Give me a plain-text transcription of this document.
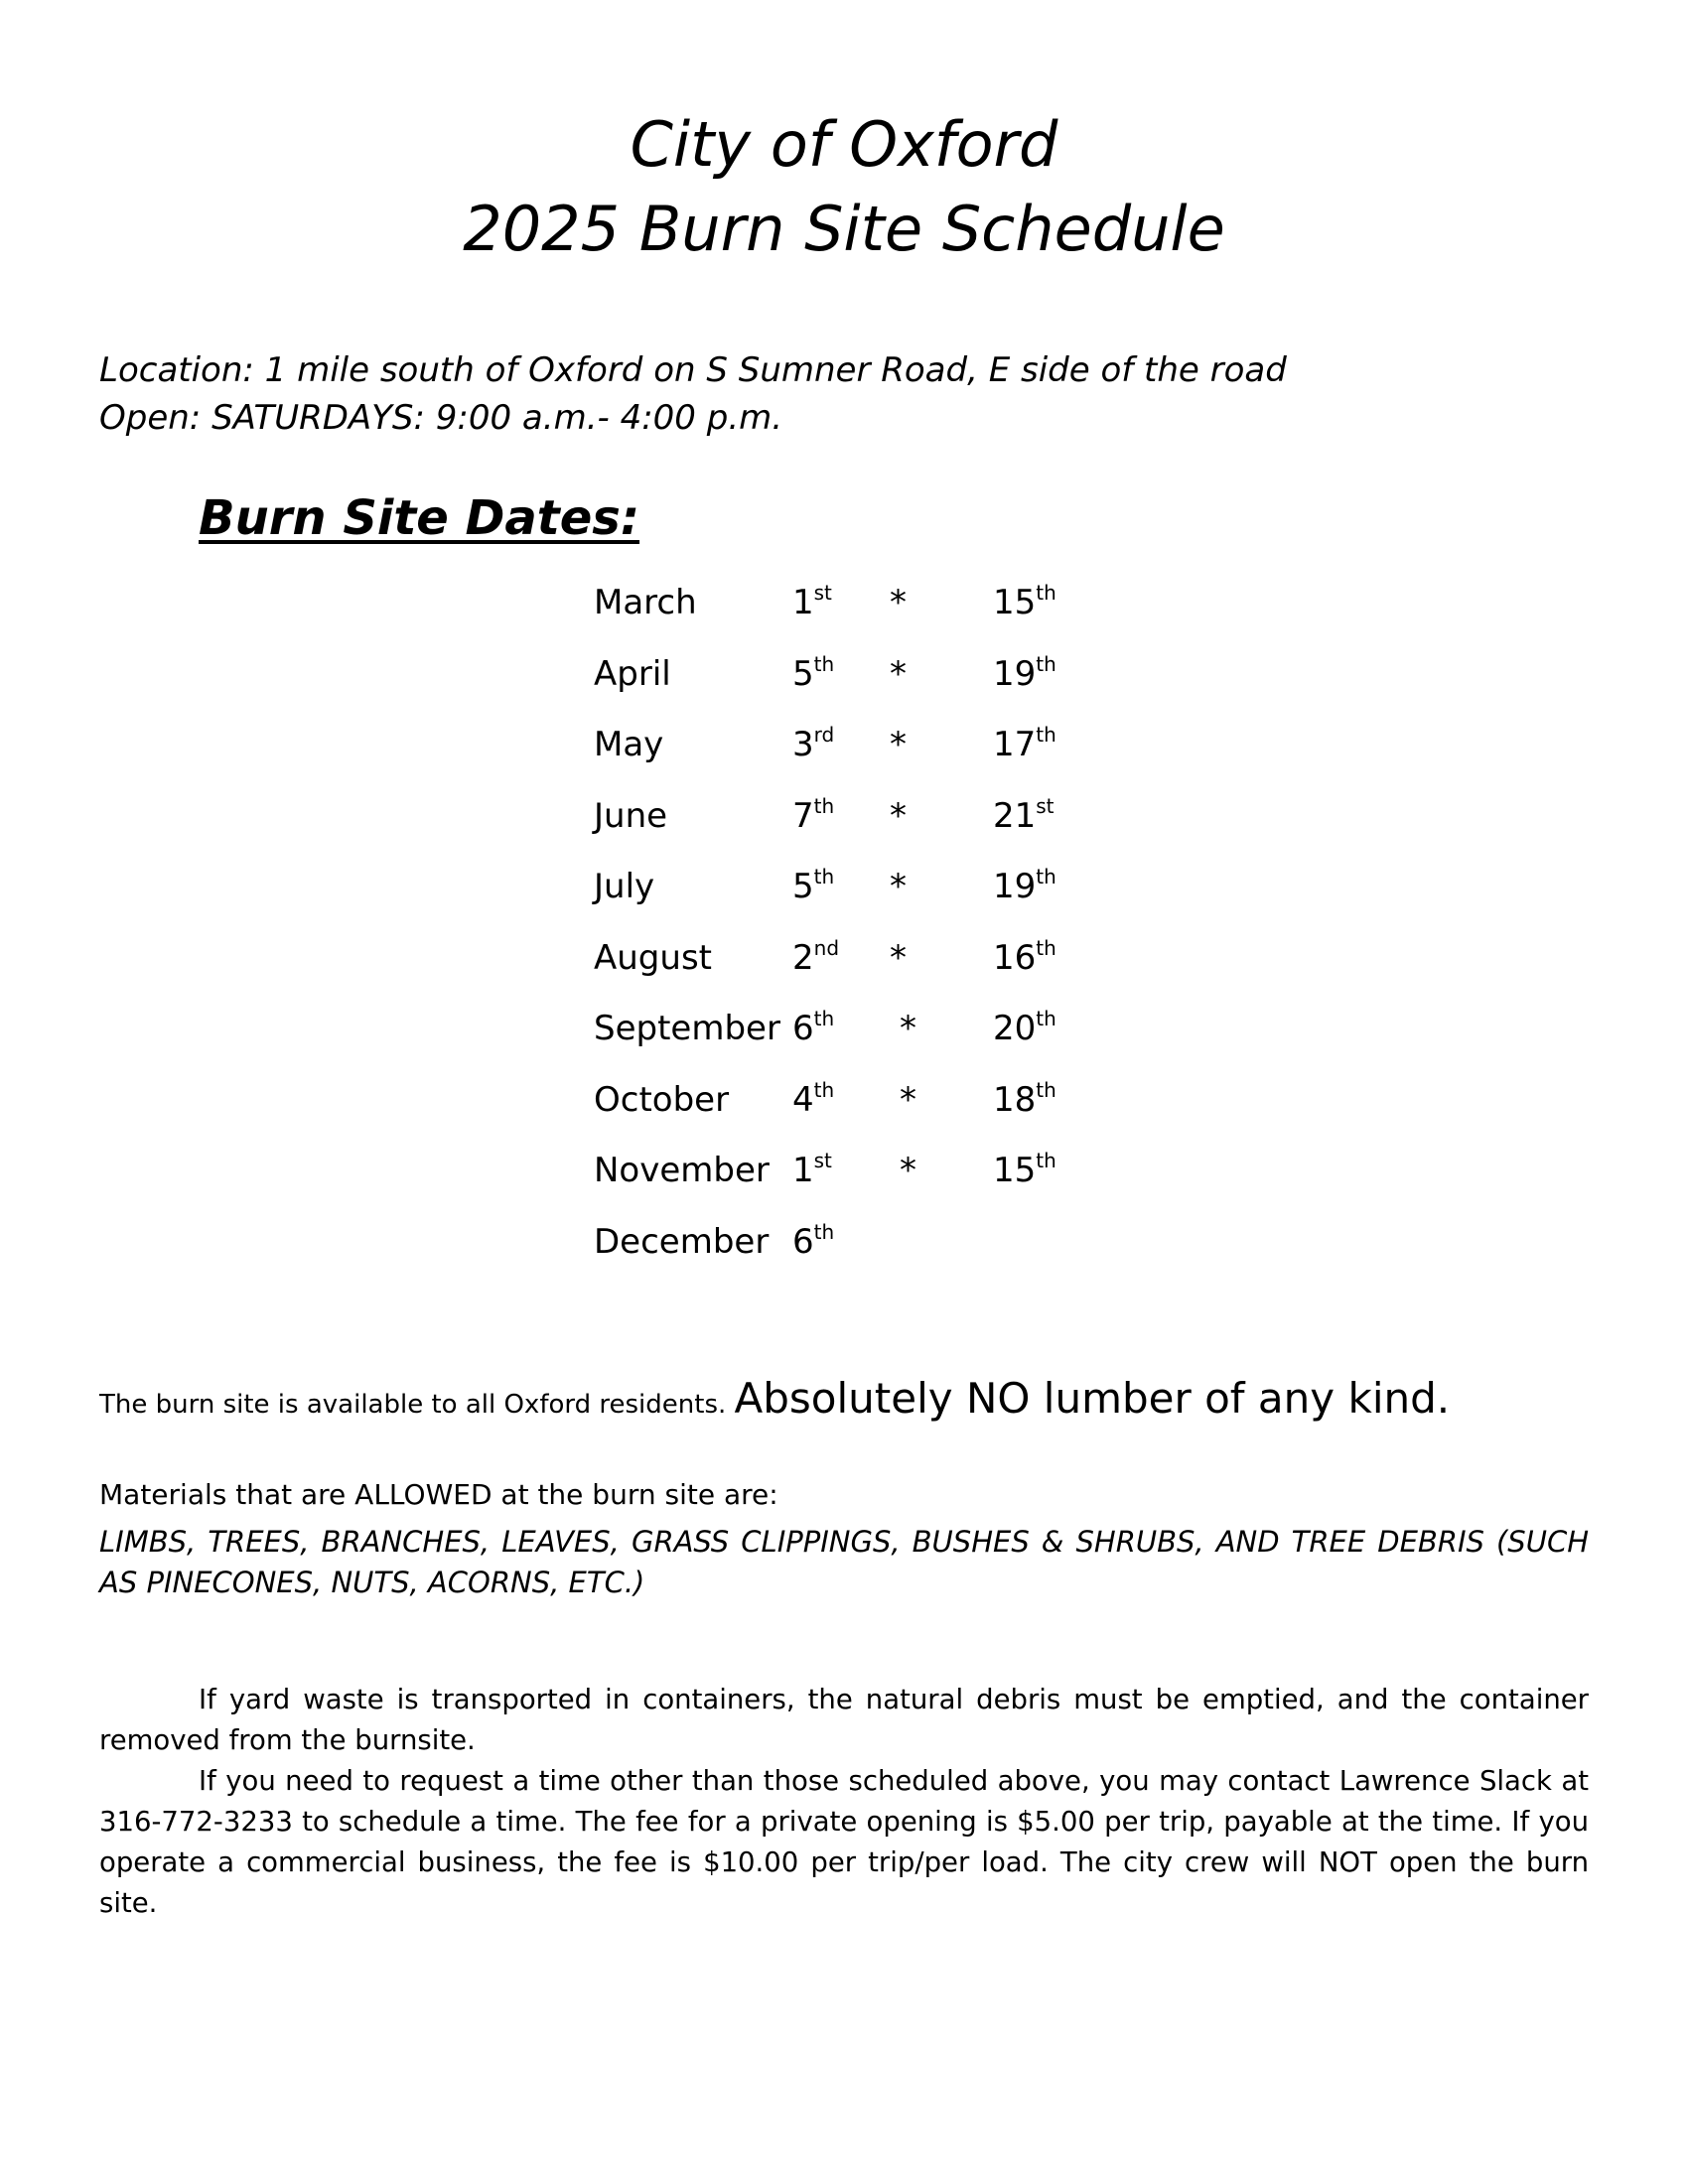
City of Oxford
2025 Burn Site Schedule
Location: 1 mile south of Oxford on S Sumner Road, E side of the road
Open: SATURDAYS: 9:00 a.m.- 4:00 p.m.
Burn Site Dates:
March	1st *	15th
April	5th *	19th
May	3rd *	17th
June	7th *	21st
July	5th *	19th
August 2nd *	16th
September 6th * 20th
October 4th * 18th
November 1st * 15th
December 6th
The burn site is available to all Oxford residents. Absolutely NO lumber of any kind.
Materials that are ALLOWED at the burn site are:
LIMBS, TREES, BRANCHES, LEAVES, GRASS CLIPPINGS, BUSHES & SHRUBS, AND TREE DEBRIS (SUCH AS PINECONES, NUTS, ACORNS, ETC.)
If yard waste is transported in containers, the natural debris must be emptied, and the container removed from the burnsite.
If you need to request a time other than those scheduled above, you may contact Lawrence Slack at 316-772-3233 to schedule a time. The fee for a private opening is $5.00 per trip, payable at the time. If you operate a commercial business, the fee is $10.00 per trip/per load. The city crew will NOT open the burn site.
